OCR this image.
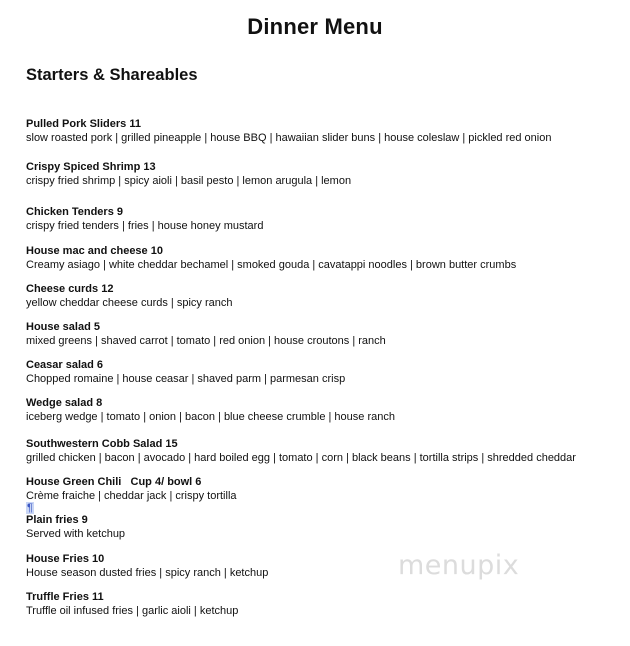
Dinner Menu
Starters & Shareables
Pulled Pork Sliders 11
slow roasted pork | grilled pineapple | house BBQ | hawaiian slider buns | house coleslaw | pickled red onion
Crispy Spiced Shrimp 13
crispy fried shrimp | spicy aioli | basil pesto | lemon arugula | lemon
Chicken Tenders 9
crispy fried tenders | fries | house honey mustard
House mac and cheese 10
Creamy asiago | white cheddar bechamel | smoked gouda | cavatappi noodles | brown butter crumbs
Cheese curds 12
yellow cheddar cheese curds | spicy ranch
House salad 5
mixed greens | shaved carrot | tomato | red onion | house croutons | ranch
Ceasar salad 6
Chopped romaine | house ceasar | shaved parm | parmesan crisp
Wedge salad 8
iceberg wedge | tomato | onion | bacon | blue cheese crumble | house ranch
Southwestern Cobb Salad 15
grilled chicken | bacon | avocado | hard boiled egg | tomato | corn | black beans | tortilla strips | shredded cheddar
House Green Chili   Cup 4/ bowl 6
Crème fraiche | cheddar jack | crispy tortilla
¶
Plain fries 9
Served with ketchup
House Fries 10
House season dusted fries | spicy ranch | ketchup
Truffle Fries 11
Truffle oil infused fries | garlic aioli | ketchup
menupix
